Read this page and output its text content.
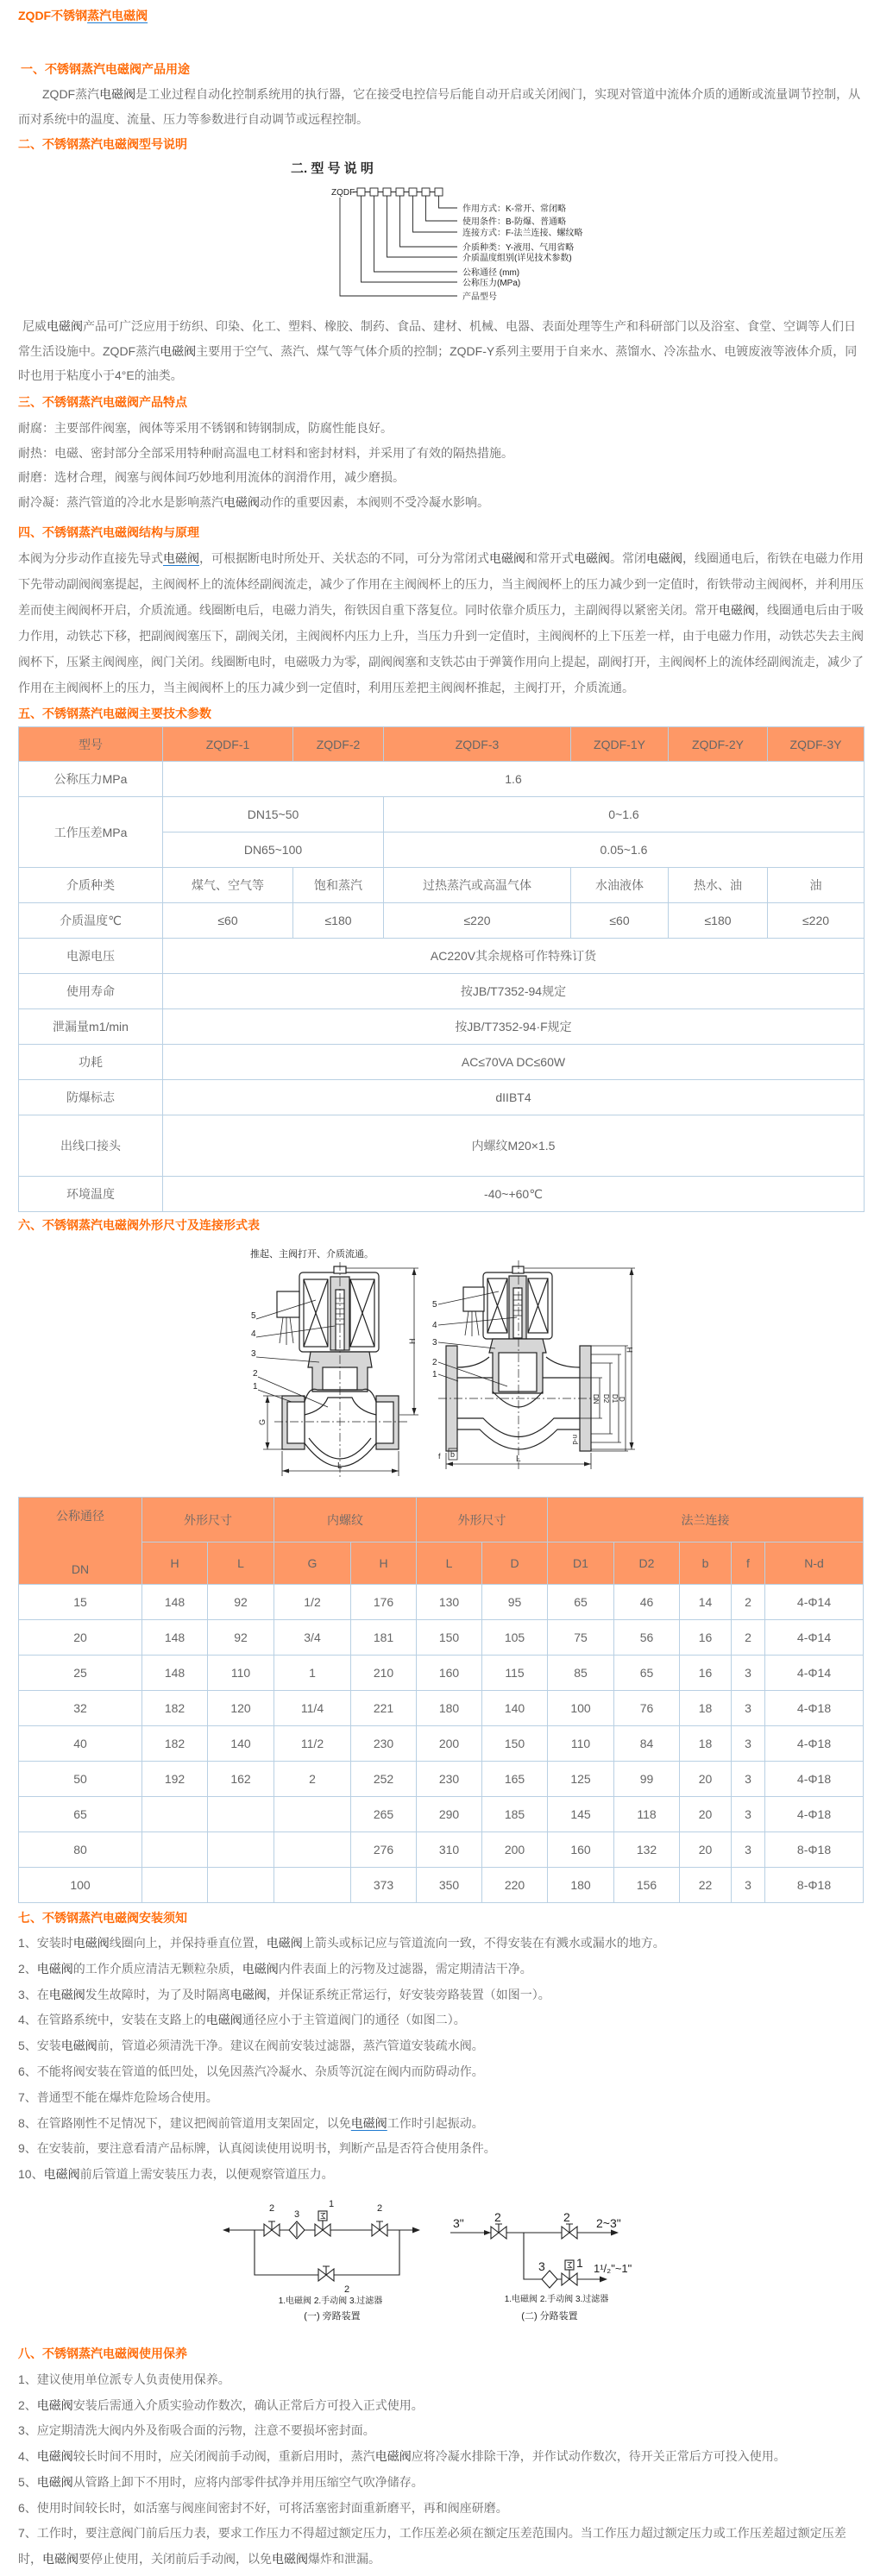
ZQDF不锈钢蒸汽电磁阀
一、不锈钢蒸汽电磁阀产品用途
ZQDF蒸汽电磁阀是工业过程自动化控制系统用的执行器，它在接受电控信号后能自动开启或关闭阀门，实现对管道中流体介质的通断或流量调节控制，从而对系统中的温度、流量、压力等参数进行自动调节或远程控制。
二、不锈钢蒸汽电磁阀型号说明
二. 型 号 说 明
ZQDF
作用方式：K-常开、常闭略
使用条件：B-防爆、普通略
连接方式：F-法兰连接、螺纹略
介质种类：Y-液用、气用省略
介质温度组别(详见技术参数)
公称通径 (mm)
公称压力(MPa)
产品型号
尼威电磁阀产品可广泛应用于纺织、印染、化工、塑料、橡胶、制药、食品、建材、机械、电器、表面处理等生产和科研部门以及浴室、食堂、空调等人们日常生活设施中。ZQDF蒸汽电磁阀主要用于空气、蒸汽、煤气等气体介质的控制；ZQDF-Y系列主要用于自来水、蒸馏水、冷冻盐水、电镀废液等液体介质，同时也用于粘度小于4°E的油类。
三、不锈钢蒸汽电磁阀产品特点
耐腐：主要部件阀塞，阀体等采用不锈钢和铸钢制成，防腐性能良好。
耐热：电磁、密封部分全部采用特种耐高温电工材料和密封材料，并采用了有效的隔热措施。
耐磨：选材合理，阀塞与阀体间巧妙地利用流体的润滑作用，减少磨损。
耐冷凝：蒸汽管道的冷北水是影响蒸汽电磁阀动作的重要因素，本阀则不受冷凝水影响。
四、不锈钢蒸汽电磁阀结构与原理
本阀为分步动作直接先导式电磁阀，可根据断电时所处开、关状态的不同，可分为常闭式电磁阀和常开式电磁阀。常闭电磁阀，线圈通电后，衔铁在电磁力作用下先带动副阀阀塞提起，主阀阀杯上的流体经副阀流走，减少了作用在主阀阀杯上的压力，当主阀阀杯上的压力减少到一定值时，衔铁带动主阀阀杯，并利用压差而使主阀阀杯开启，介质流通。线圈断电后，电磁力消失，衔铁因自重下落复位。同时依靠介质压力，主副阀得以紧密关闭。常开电磁阀，线圈通电后由于吸力作用，动铁芯下移，把副阀阀塞压下，副阀关闭，主阀阀杯内压力上升，当压力升到一定值时，主阀阀杯的上下压差一样，由于电磁力作用，动铁芯失去主阀阀杯下，压紧主阀阀座，阀门关闭。线圈断电时，电磁吸力为零，副阀阀塞和支铁芯由于弹簧作用向上提起，副阀打开，主阀阀杯上的流体经副阀流走，减少了作用在主阀阀杯上的压力，当主阀阀杯上的压力减少到一定值时，利用压差把主阀阀杯推起，主阀打开，介质流通。
五、不锈钢蒸汽电磁阀主要技术参数
型号	ZQDF-1	ZQDF-2	ZQDF-3	ZQDF-1Y	ZQDF-2Y	ZQDF-3Y
公称压力MPa	1.6					
工作压差MPa	DN15~50		0~1.6			
	DN65~100		0.05~1.6			
介质种类	煤气、空气等	饱和蒸汽	过热蒸汽或高温气体	水油液体	热水、油	油
介质温度℃	≤60	≤180	≤220	≤60	≤180	≤220
电源电压	AC220V其余规格可作特殊订货					
使用寿命	按JB/T7352-94规定					
泄漏量m1/min	按JB/T7352-94·F规定					
功耗	AC≤70VA DC≤60W					
防爆标志	dIIBT4					
出线口接头	内螺纹M20×1.5					
环境温度	-40~+60℃					
六、不锈钢蒸汽电磁阀外形尺寸及连接形式表
推起、主阀打开、介质流通。
H
L
G
5
4
3
2
1
H
L
DN D2 D1 D
n-d
f b
5
4
3
2
1
公称通径
DN	外形尺寸		内螺纹		外形尺寸		法兰连接				
	H	L	G	H	L	D	D1	D2	b	f	N-d
15	148	92	1/2	176	130	95	65	46	14	2	4-Φ14
20	148	92	3/4	181	150	105	75	56	16	2	4-Φ14
25	148	110	1	210	160	115	85	65	16	3	4-Φ14
32	182	120	11/4	221	180	140	100	76	18	3	4-Φ18
40	182	140	11/2	230	200	150	110	84	18	3	4-Φ18
50	192	162	2	252	230	165	125	99	20	3	4-Φ18
65				265	290	185	145	118	20	3	4-Φ18
80				276	310	200	160	132	20	3	8-Φ18
100				373	350	220	180	156	22	3	8-Φ18
七、不锈钢蒸汽电磁阀安装须知
1、安装时电磁阀线圈向上，并保持垂直位置，电磁阀上箭头或标记应与管道流向一致，不得安装在有溅水或漏水的地方。
2、电磁阀的工作介质应清洁无颗粒杂质，电磁阀内件表面上的污物及过滤器，需定期清洁干净。
3、在电磁阀发生故障时，为了及时隔离电磁阀，并保证系统正常运行，好安装旁路装置（如图一）。
4、在管路系统中，安装在支路上的电磁阀通径应小于主管道阀门的通径（如图二）。
5、安装电磁阀前，管道必须清洗干净。建议在阀前安装过滤器，蒸汽管道安装疏水阀。
6、不能将阀安装在管道的低凹处，以免因蒸汽冷凝水、杂质等沉淀在阀内而防碍动作。
7、普通型不能在爆炸危险场合使用。
8、在管路刚性不足情况下，建议把阀前管道用支架固定，以免电磁阀工作时引起振动。
9、在安装前，要注意看清产品标牌，认真阅读使用说明书，判断产品是否符合使用条件。
10、电磁阀前后管道上需安装压力表，以便观察管道压力。
2
3
1	2
2
1.电磁阀 2.手动阀 3.过滤器
(一) 旁路装置
3"	2	2 2~3"
3	1 1¹/₂"~1"
1.电磁阀 2.手动阀 3.过滤器
(二) 分路装置
八、不锈钢蒸汽电磁阀使用保养
1、建议使用单位派专人负责使用保养。
2、电磁阀安装后需通入介质实验动作数次，确认正常后方可投入正式使用。
3、应定期清洗大阀内外及衔吸合面的污物，注意不要损坏密封面。
4、电磁阀较长时间不用时，应关闭阀前手动阀，重新启用时，蒸汽电磁阀应将冷凝水排除干净，并作试动作数次，待开关正常后方可投入使用。
5、电磁阀从管路上卸下不用时，应将内部零件拭净并用压缩空气吹净储存。
6、使用时间较长时，如活塞与阀座间密封不好，可将活塞密封面重新磨平，再和阀座研磨。
7、工作时，要注意阀门前后压力表，要求工作压力不得超过额定压力，工作压差必须在额定压差范围内。当工作压力超过额定压力或工作压差超过额定压差时，电磁阀要停止使用，关闭前后手动阀，以免电磁阀爆炸和泄漏。
